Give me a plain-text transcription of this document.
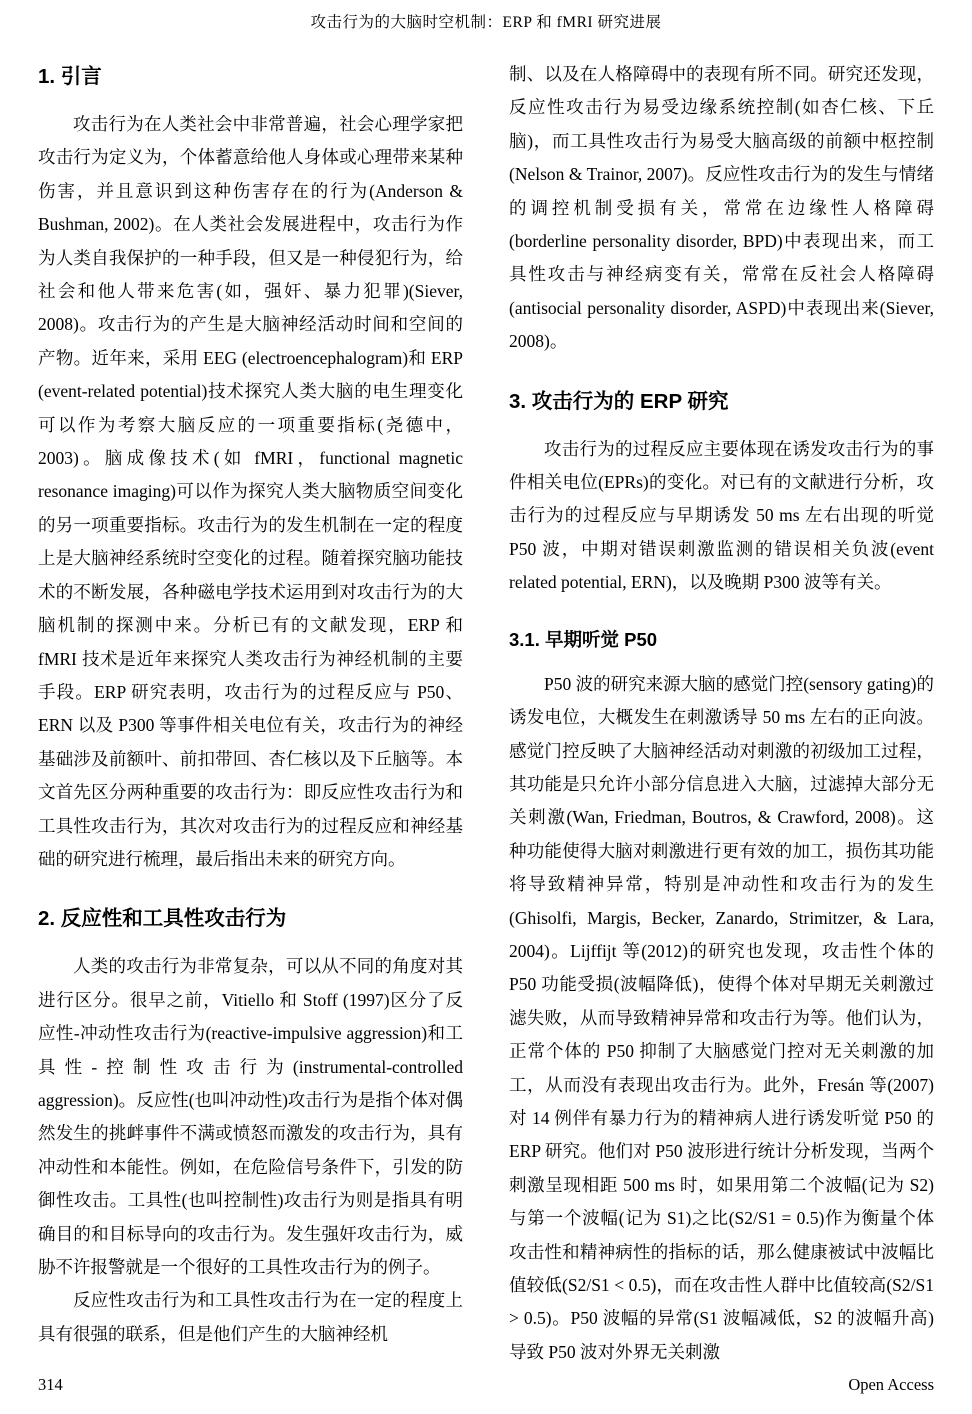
攻击行为的大脑时空机制：ERP 和 fMRI 研究进展
1. 引言

攻击行为在人类社会中非常普遍，社会心理学家把攻击行为定义为，个体蓄意给他人身体或心理带来某种伤害，并且意识到这种伤害存在的行为(Anderson & Bushman, 2002)。在人类社会发展进程中，攻击行为作为人类自我保护的一种手段，但又是一种侵犯行为，给社会和他人带来危害(如，强奸、暴力犯罪)(Siever, 2008)。攻击行为的产生是大脑神经活动时间和空间的产物。近年来，采用 EEG (electroencephalogram)和 ERP (event-related potential)技术探究人类大脑的电生理变化可以作为考察大脑反应的一项重要指标(尧德中，2003)。脑成像技术(如 fMRI，functional magnetic resonance imaging)可以作为探究人类大脑物质空间变化的另一项重要指标。攻击行为的发生机制在一定的程度上是大脑神经系统时空变化的过程。随着探究脑功能技术的不断发展，各种磁电学技术运用到对攻击行为的大脑机制的探测中来。分析已有的文献发现，ERP 和 fMRI 技术是近年来探究人类攻击行为神经机制的主要手段。ERP 研究表明，攻击行为的过程反应与 P50、ERN 以及 P300 等事件相关电位有关，攻击行为的神经基础涉及前额叶、前扣带回、杏仁核以及下丘脑等。本文首先区分两种重要的攻击行为：即反应性攻击行为和工具性攻击行为，其次对攻击行为的过程反应和神经基础的研究进行梳理，最后指出未来的研究方向。

2. 反应性和工具性攻击行为

人类的攻击行为非常复杂，可以从不同的角度对其进行区分。很早之前，Vitiello 和 Stoff (1997)区分了反应性-冲动性攻击行为(reactive-impulsive aggression)和工具性-控制性攻击行为(instrumental-controlled aggression)。反应性(也叫冲动性)攻击行为是指个体对偶然发生的挑衅事件不满或愤怒而激发的攻击行为，具有冲动性和本能性。例如，在危险信号条件下，引发的防御性攻击。工具性(也叫控制性)攻击行为则是指具有明确目的和目标导向的攻击行为。发生强奸攻击行为，威胁不许报警就是一个很好的工具性攻击行为的例子。

反应性攻击行为和工具性攻击行为在一定的程度上具有很强的联系，但是他们产生的大脑神经机

制、以及在人格障碍中的表现有所不同。研究还发现，反应性攻击行为易受边缘系统控制(如杏仁核、下丘脑)，而工具性攻击行为易受大脑高级的前额中枢控制(Nelson & Trainor, 2007)。反应性攻击行为的发生与情绪的调控机制受损有关，常常在边缘性人格障碍(borderline personality disorder, BPD)中表现出来，而工具性攻击与神经病变有关，常常在反社会人格障碍(antisocial personality disorder, ASPD)中表现出来(Siever, 2008)。

3. 攻击行为的 ERP 研究

攻击行为的过程反应主要体现在诱发攻击行为的事件相关电位(EPRs)的变化。对已有的文献进行分析，攻击行为的过程反应与早期诱发 50 ms 左右出现的听觉 P50 波，中期对错误刺激监测的错误相关负波(event related potential, ERN)，以及晚期 P300 波等有关。

3.1. 早期听觉 P50

P50 波的研究来源大脑的感觉门控(sensory gating)的诱发电位，大概发生在刺激诱导 50 ms 左右的正向波。感觉门控反映了大脑神经活动对刺激的初级加工过程，其功能是只允许小部分信息进入大脑，过滤掉大部分无关刺激(Wan, Friedman, Boutros, & Crawford, 2008)。这种功能使得大脑对刺激进行更有效的加工，损伤其功能将导致精神异常，特别是冲动性和攻击行为的发生(Ghisolfi, Margis, Becker, Zanardo, Strimitzer, & Lara, 2004)。Lijffijt 等(2012)的研究也发现，攻击性个体的 P50 功能受损(波幅降低)，使得个体对早期无关刺激过滤失败，从而导致精神异常和攻击行为等。他们认为，正常个体的 P50 抑制了大脑感觉门控对无关刺激的加工，从而没有表现出攻击行为。此外，Fresán 等(2007)对 14 例伴有暴力行为的精神病人进行诱发听觉 P50 的 ERP 研究。他们对 P50 波形进行统计分析发现，当两个刺激呈现相距 500 ms 时，如果用第二个波幅(记为 S2)与第一个波幅(记为 S1)之比(S2/S1 = 0.5)作为衡量个体攻击性和精神病性的指标的话，那么健康被试中波幅比值较低(S2/S1 < 0.5)，而在攻击性人群中比值较高(S2/S1 > 0.5)。P50 波幅的异常(S1 波幅减低，S2 的波幅升高)导致 P50 波对外界无关刺激

314	Open Access
